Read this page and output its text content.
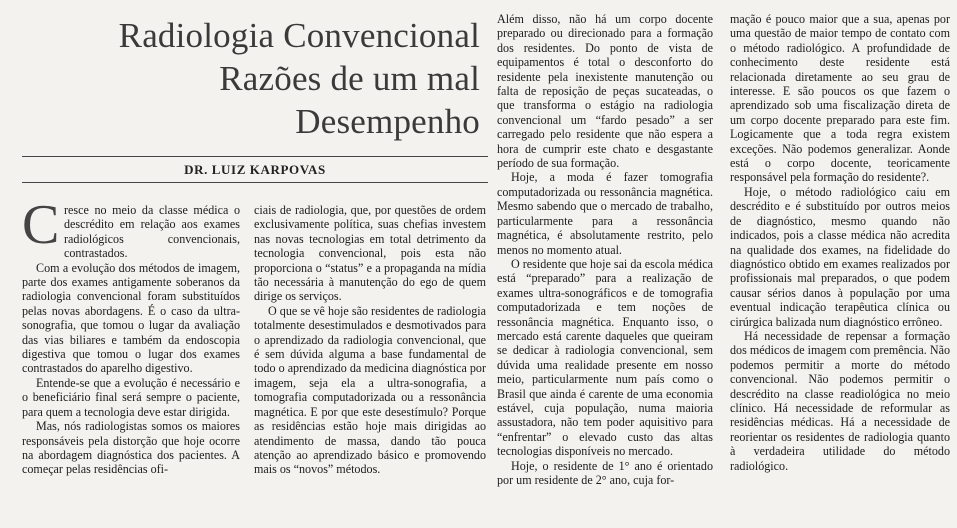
Radiologia Convencional
Razões de um mal
Desempenho
DR. LUIZ KARPOVAS

Cresce no meio da classe médica o descrédito em relação aos exames radiológicos convencionais, contrastados.

Com a evolução dos métodos de imagem, parte dos exames antigamente soberanos da radiologia convencional foram substituídos pelas novas abordagens. É o caso da ultra-sonografia, que tomou o lugar da avaliação das vias biliares e também da endoscopia digestiva que tomou o lugar dos exames contrastados do aparelho digestivo.

Entende-se que a evolução é necessário e o beneficiário final será sempre o paciente, para quem a tecnologia deve estar dirigida.

Mas, nós radiologistas somos os maiores responsáveis pela distorção que hoje ocorre na abordagem diagnóstica dos pacientes. A começar pelas residências ofi-

ciais de radiologia, que, por questões de ordem exclusivamente política, suas chefias investem nas novas tecnologias em total detrimento da tecnologia convencional, pois esta não proporciona o “status” e a propaganda na mídia tão necessária à manutenção do ego de quem dirige os serviços.

O que se vê hoje são residentes de radiologia totalmente desestimulados e desmotivados para o aprendizado da radiologia convencional, que é sem dúvida alguma a base fundamental de todo o aprendizado da medicina diagnóstica por imagem, seja ela a ultra-sonografia, a tomografia computadorizada ou a ressonância magnética. E por que este desestímulo? Porque as residências estão hoje mais dirigidas ao atendimento de massa, dando tão pouca atenção ao aprendizado básico e promovendo mais os “novos” métodos.

Além disso, não há um corpo docente preparado ou direcionado para a formação dos residentes. Do ponto de vista de equipamentos é total o desconforto do residente pela inexistente manutenção ou falta de reposição de peças sucateadas, o que transforma o estágio na radiologia convencional um “fardo pesado” a ser carregado pelo residente que não espera a hora de cumprir este chato e desgastante período de sua formação.

Hoje, a moda é fazer tomografia computadorizada ou ressonância magnética. Mesmo sabendo que o mercado de trabalho, particularmente para a ressonância magnética, é absolutamente restrito, pelo menos no momento atual.

O residente que hoje sai da escola médica está “preparado” para a realização de exames ultra-sonográficos e de tomografia computadorizada e tem noções de ressonância magnética. Enquanto isso, o mercado está carente daqueles que queiram se dedicar à radiologia convencional, sem dúvida uma realidade presente em nosso meio, particularmente num país como o Brasil que ainda é carente de uma economia estável, cuja população, numa maioria assustadora, não tem poder aquisitivo para “enfrentar” o elevado custo das altas tecnologias disponíveis no mercado.

Hoje, o residente de 1° ano é orientado por um residente de 2° ano, cuja for-

mação é pouco maior que a sua, apenas por uma questão de maior tempo de contato com o método radiológico. A profundidade de conhecimento deste residente está relacionada diretamente ao seu grau de interesse. E são poucos os que fazem o aprendizado sob uma fiscalização direta de um corpo docente preparado para este fim. Logicamente que a toda regra existem exceções. Não podemos generalizar. Aonde está o corpo docente, teoricamente responsável pela formação do residente?.

Hoje, o método radiológico caiu em descrédito e é substituído por outros meios de diagnóstico, mesmo quando não indicados, pois a classe médica não acredita na qualidade dos exames, na fidelidade do diagnóstico obtido em exames realizados por profissionais mal preparados, o que podem causar sérios danos à população por uma eventual indicação terapêutica clínica ou cirúrgica balizada num diagnóstico errôneo.

Há necessidade de repensar a formação dos médicos de imagem com premência. Não podemos permitir a morte do método convencional. Não podemos permitir o descrédito na classe readiológica no meio clínico. Há necessidade de reformular as residências médicas. Há a necessidade de reorientar os residentes de radiologia quanto à verdadeira utilidade do método radiológico.
